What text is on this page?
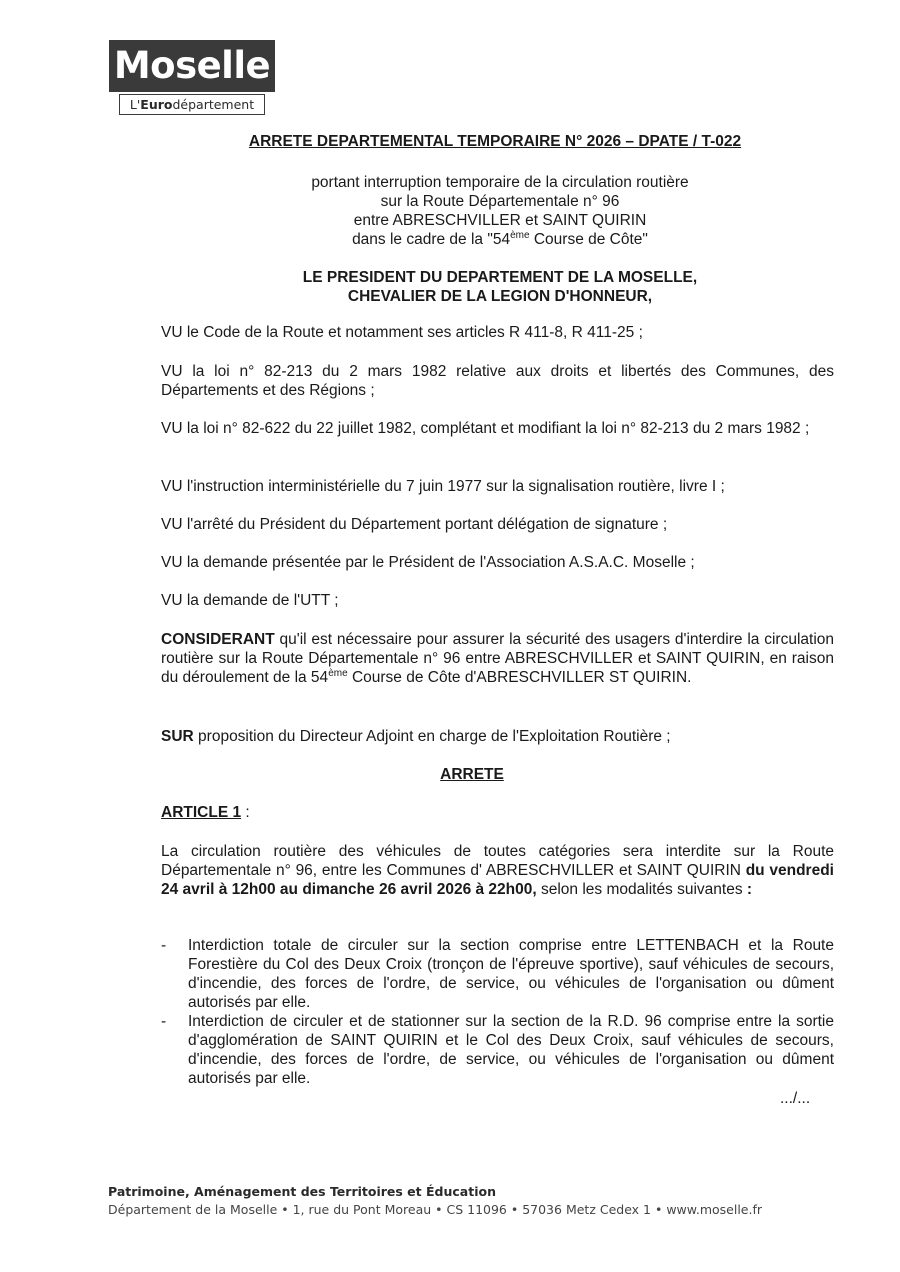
Moselle
L'Eurodépartement
ARRETE DEPARTEMENTAL TEMPORAIRE N° 2026 – DPATE / T-022
portant interruption temporaire de la circulation routière
sur la Route Départementale n° 96
entre ABRESCHVILLER et SAINT QUIRIN
dans le cadre de la "54ème Course de Côte"
LE PRESIDENT DU DEPARTEMENT DE LA MOSELLE,
CHEVALIER DE LA LEGION D'HONNEUR,
VU le Code de la Route et notamment ses articles R 411-8, R 411-25 ;
VU la loi n° 82-213 du 2 mars 1982 relative aux droits et libertés des Communes, des Départements et des Régions ;
VU la loi n° 82-622 du 22 juillet 1982, complétant et modifiant la loi n° 82-213 du 2 mars 1982 ;
VU l'instruction interministérielle du 7 juin 1977 sur la signalisation routière, livre I ;
VU l'arrêté du Président du Département portant délégation de signature ;
VU la demande présentée par le Président de l'Association A.S.A.C. Moselle ;
VU la demande de l'UTT ;
CONSIDERANT qu'il est nécessaire pour assurer la sécurité des usagers d'interdire la circulation routière sur la Route Départementale n° 96 entre ABRESCHVILLER et SAINT QUIRIN, en raison du déroulement de la 54ème Course de Côte d'ABRESCHVILLER ST QUIRIN.
SUR proposition du Directeur Adjoint en charge de l'Exploitation Routière ;
ARRETE
ARTICLE 1 :
La circulation routière des véhicules de toutes catégories sera interdite sur la Route Départementale n° 96, entre les Communes d' ABRESCHVILLER et SAINT QUIRIN du vendredi 24 avril à 12h00 au dimanche 26 avril 2026 à 22h00, selon les modalités suivantes :
- Interdiction totale de circuler sur la section comprise entre LETTENBACH et la Route Forestière du Col des Deux Croix (tronçon de l'épreuve sportive), sauf véhicules de secours, d'incendie, des forces de l'ordre, de service, ou véhicules de l'organisation ou dûment autorisés par elle.
- Interdiction de circuler et de stationner sur la section de la R.D. 96 comprise entre la sortie d'agglomération de SAINT QUIRIN et le Col des Deux Croix, sauf véhicules de secours, d'incendie, des forces de l'ordre, de service, ou véhicules de l'organisation ou dûment autorisés par elle.
.../...
Patrimoine, Aménagement des Territoires et Éducation
Département de la Moselle • 1, rue du Pont Moreau • CS 11096 • 57036 Metz Cedex 1 • www.moselle.fr
